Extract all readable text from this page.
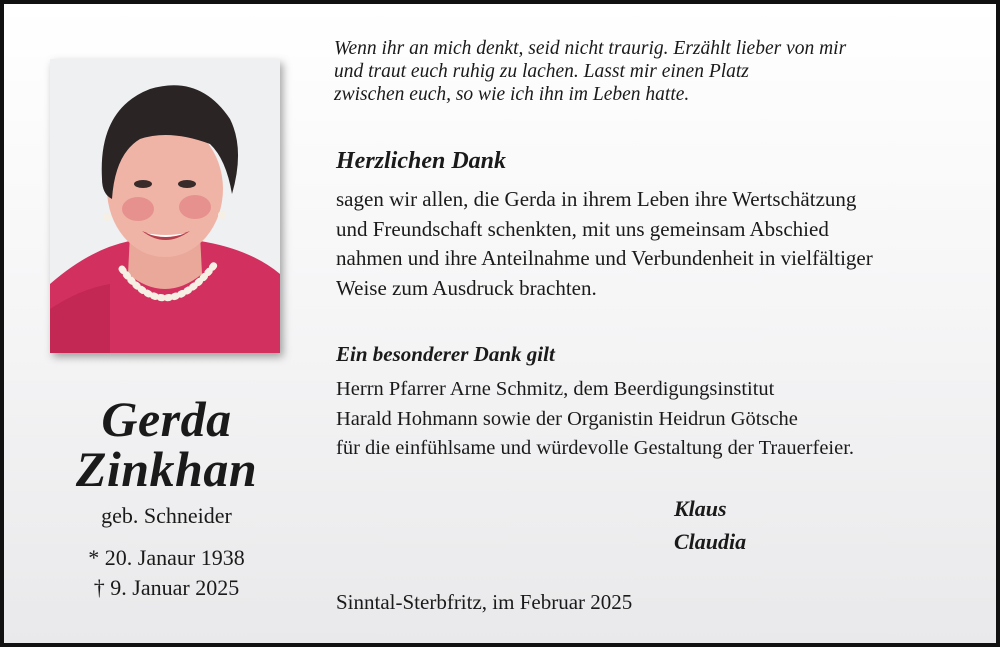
Gerda
Zinkhan
geb. Schneider
* 20. Janaur 1938
† 9. Januar 2025
Wenn ihr an mich denkt, seid nicht traurig. Erzählt lieber von mir
und traut euch ruhig zu lachen. Lasst mir einen Platz
zwischen euch, so wie ich ihn im Leben hatte.
Herzlichen Dank
sagen wir allen, die Gerda in ihrem Leben ihre Wertschätzung
und Freundschaft schenkten, mit uns gemeinsam Abschied
nahmen und ihre Anteilnahme und Verbundenheit in vielfältiger
Weise zum Ausdruck brachten.
Ein besonderer Dank gilt
Herrn Pfarrer Arne Schmitz, dem Beerdigungsinstitut
Harald Hohmann sowie der Organistin Heidrun Götsche
für die einfühlsame und würdevolle Gestaltung der Trauerfeier.
Klaus
Claudia
Sinntal-Sterbfritz, im Februar 2025
